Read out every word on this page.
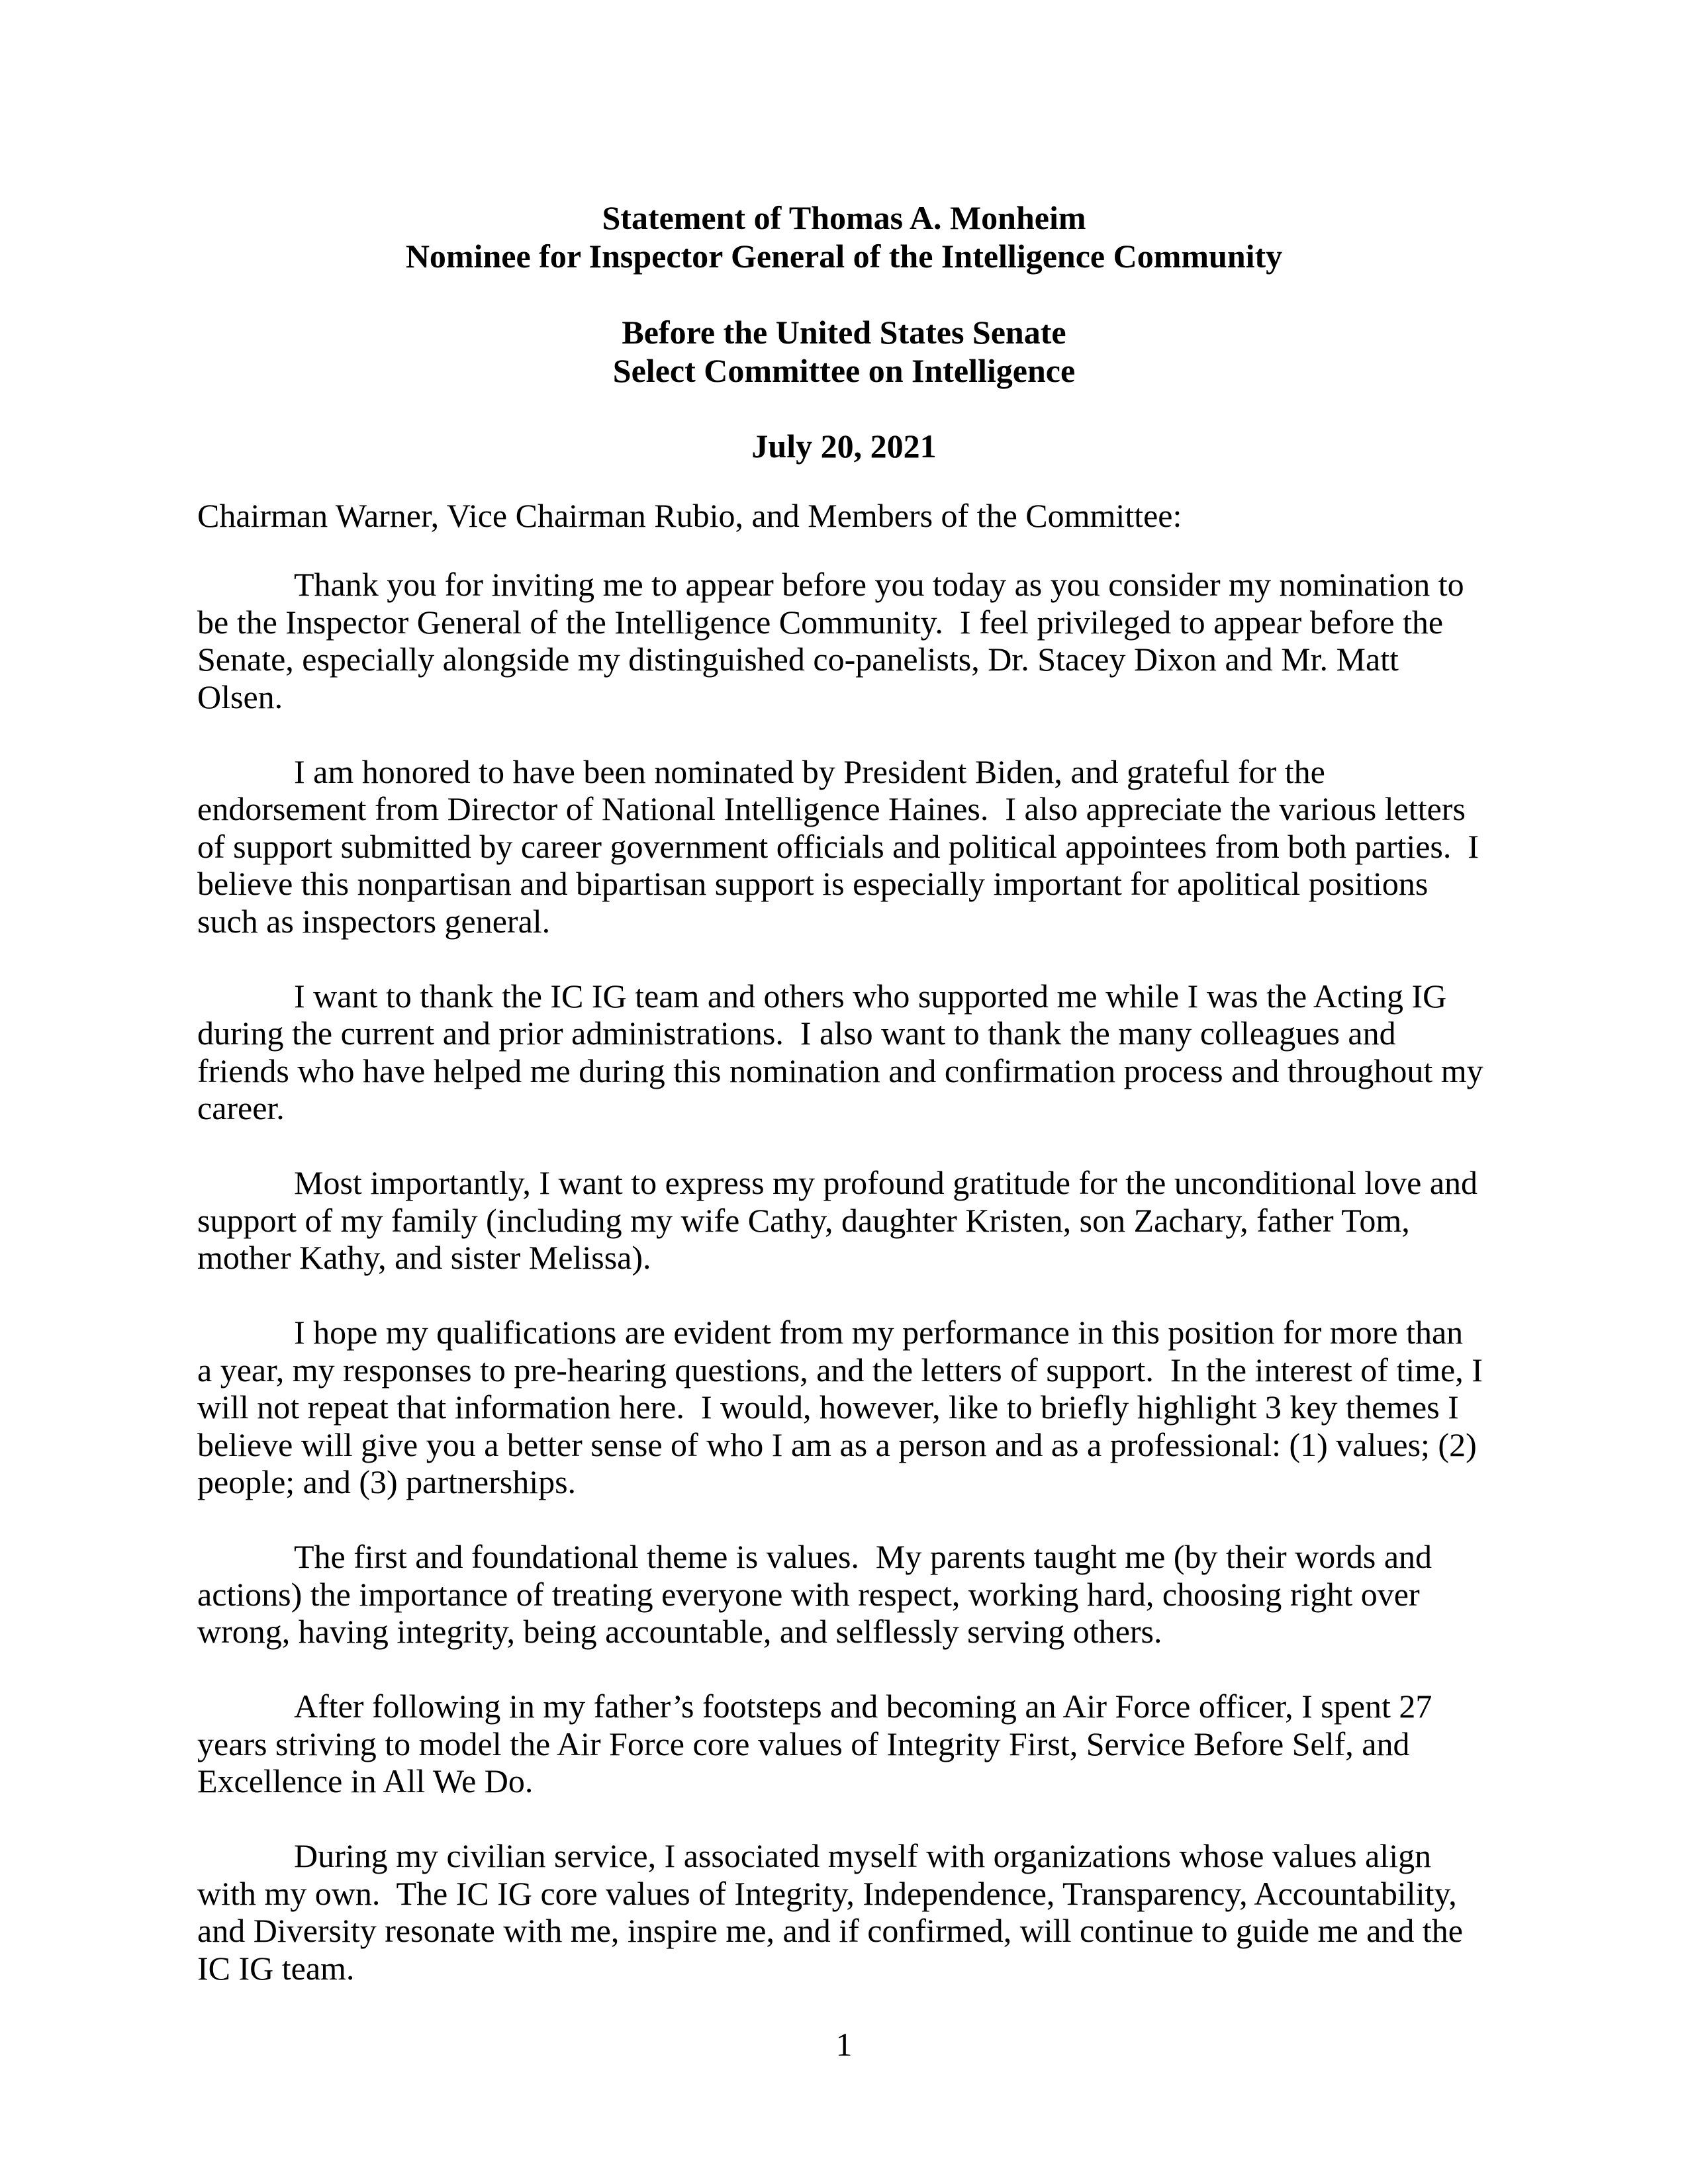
Statement of Thomas A. Monheim
Nominee for Inspector General of the Intelligence Community
Before the United States Senate
Select Committee on Intelligence
July 20, 2021
Chairman Warner, Vice Chairman Rubio, and Members of the Committee:
Thank you for inviting me to appear before you today as you consider my nomination to
be the Inspector General of the Intelligence Community.  I feel privileged to appear before the
Senate, especially alongside my distinguished co-panelists, Dr. Stacey Dixon and Mr. Matt
Olsen.
I am honored to have been nominated by President Biden, and grateful for the
endorsement from Director of National Intelligence Haines.  I also appreciate the various letters
of support submitted by career government officials and political appointees from both parties.  I
believe this nonpartisan and bipartisan support is especially important for apolitical positions
such as inspectors general.
I want to thank the IC IG team and others who supported me while I was the Acting IG
during the current and prior administrations.  I also want to thank the many colleagues and
friends who have helped me during this nomination and confirmation process and throughout my
career.
Most importantly, I want to express my profound gratitude for the unconditional love and
support of my family (including my wife Cathy, daughter Kristen, son Zachary, father Tom,
mother Kathy, and sister Melissa).
I hope my qualifications are evident from my performance in this position for more than
a year, my responses to pre-hearing questions, and the letters of support.  In the interest of time, I
will not repeat that information here.  I would, however, like to briefly highlight 3 key themes I
believe will give you a better sense of who I am as a person and as a professional: (1) values; (2)
people; and (3) partnerships.
The first and foundational theme is values.  My parents taught me (by their words and
actions) the importance of treating everyone with respect, working hard, choosing right over
wrong, having integrity, being accountable, and selflessly serving others.
After following in my father’s footsteps and becoming an Air Force officer, I spent 27
years striving to model the Air Force core values of Integrity First, Service Before Self, and
Excellence in All We Do.
During my civilian service, I associated myself with organizations whose values align
with my own.  The IC IG core values of Integrity, Independence, Transparency, Accountability,
and Diversity resonate with me, inspire me, and if confirmed, will continue to guide me and the
IC IG team.
1
